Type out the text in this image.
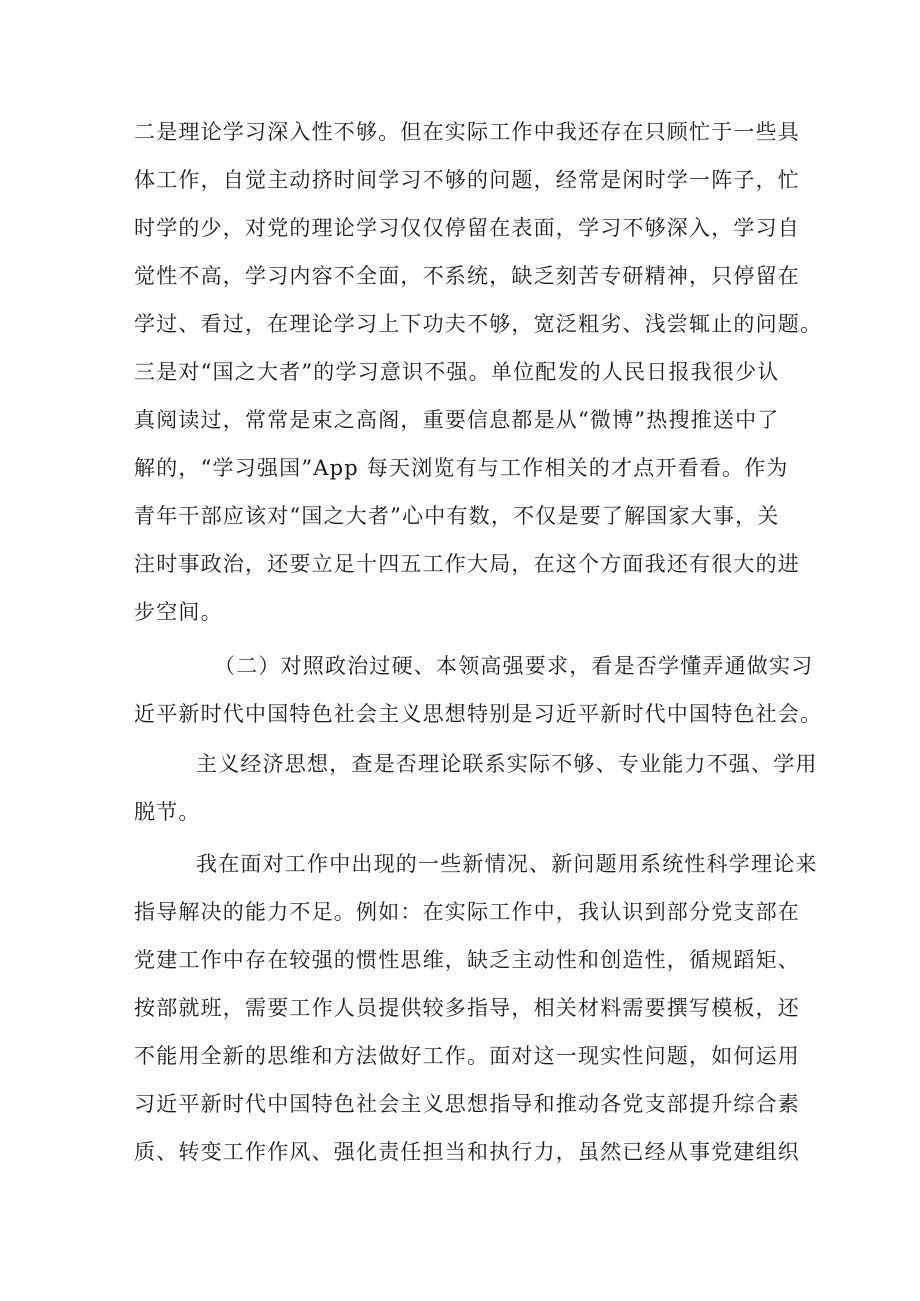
二是理论学习深入性不够。但在实际工作中我还存在只顾忙于一些具
体工作，自觉主动挤时间学习不够的问题，经常是闲时学一阵子，忙
时学的少，对党的理论学习仅仅停留在表面，学习不够深入，学习自
觉性不高，学习内容不全面，不系统，缺乏刻苦专研精神，只停留在
学过、看过，在理论学习上下功夫不够，宽泛粗劣、浅尝辄止的问题。
三是对“国之大者”的学习意识不强。单位配发的人民日报我很少认
真阅读过，常常是束之高阁，重要信息都是从“微博”热搜推送中了
解的，“学习强国”App 每天浏览有与工作相关的才点开看看。作为
青年干部应该对“国之大者”心中有数，不仅是要了解国家大事，关
注时事政治，还要立足十四五工作大局，在这个方面我还有很大的进
步空间。
（二）对照政治过硬、本领高强要求，看是否学懂弄通做实习
近平新时代中国特色社会主义思想特别是习近平新时代中国特色社会。
主义经济思想，查是否理论联系实际不够、专业能力不强、学用
脱节。
我在面对工作中出现的一些新情况、新问题用系统性科学理论来
指导解决的能力不足。例如：在实际工作中，我认识到部分党支部在
党建工作中存在较强的惯性思维，缺乏主动性和创造性，循规蹈矩、
按部就班，需要工作人员提供较多指导，相关材料需要撰写模板，还
不能用全新的思维和方法做好工作。面对这一现实性问题，如何运用
习近平新时代中国特色社会主义思想指导和推动各党支部提升综合素
质、转变工作作风、强化责任担当和执行力，虽然已经从事党建组织
